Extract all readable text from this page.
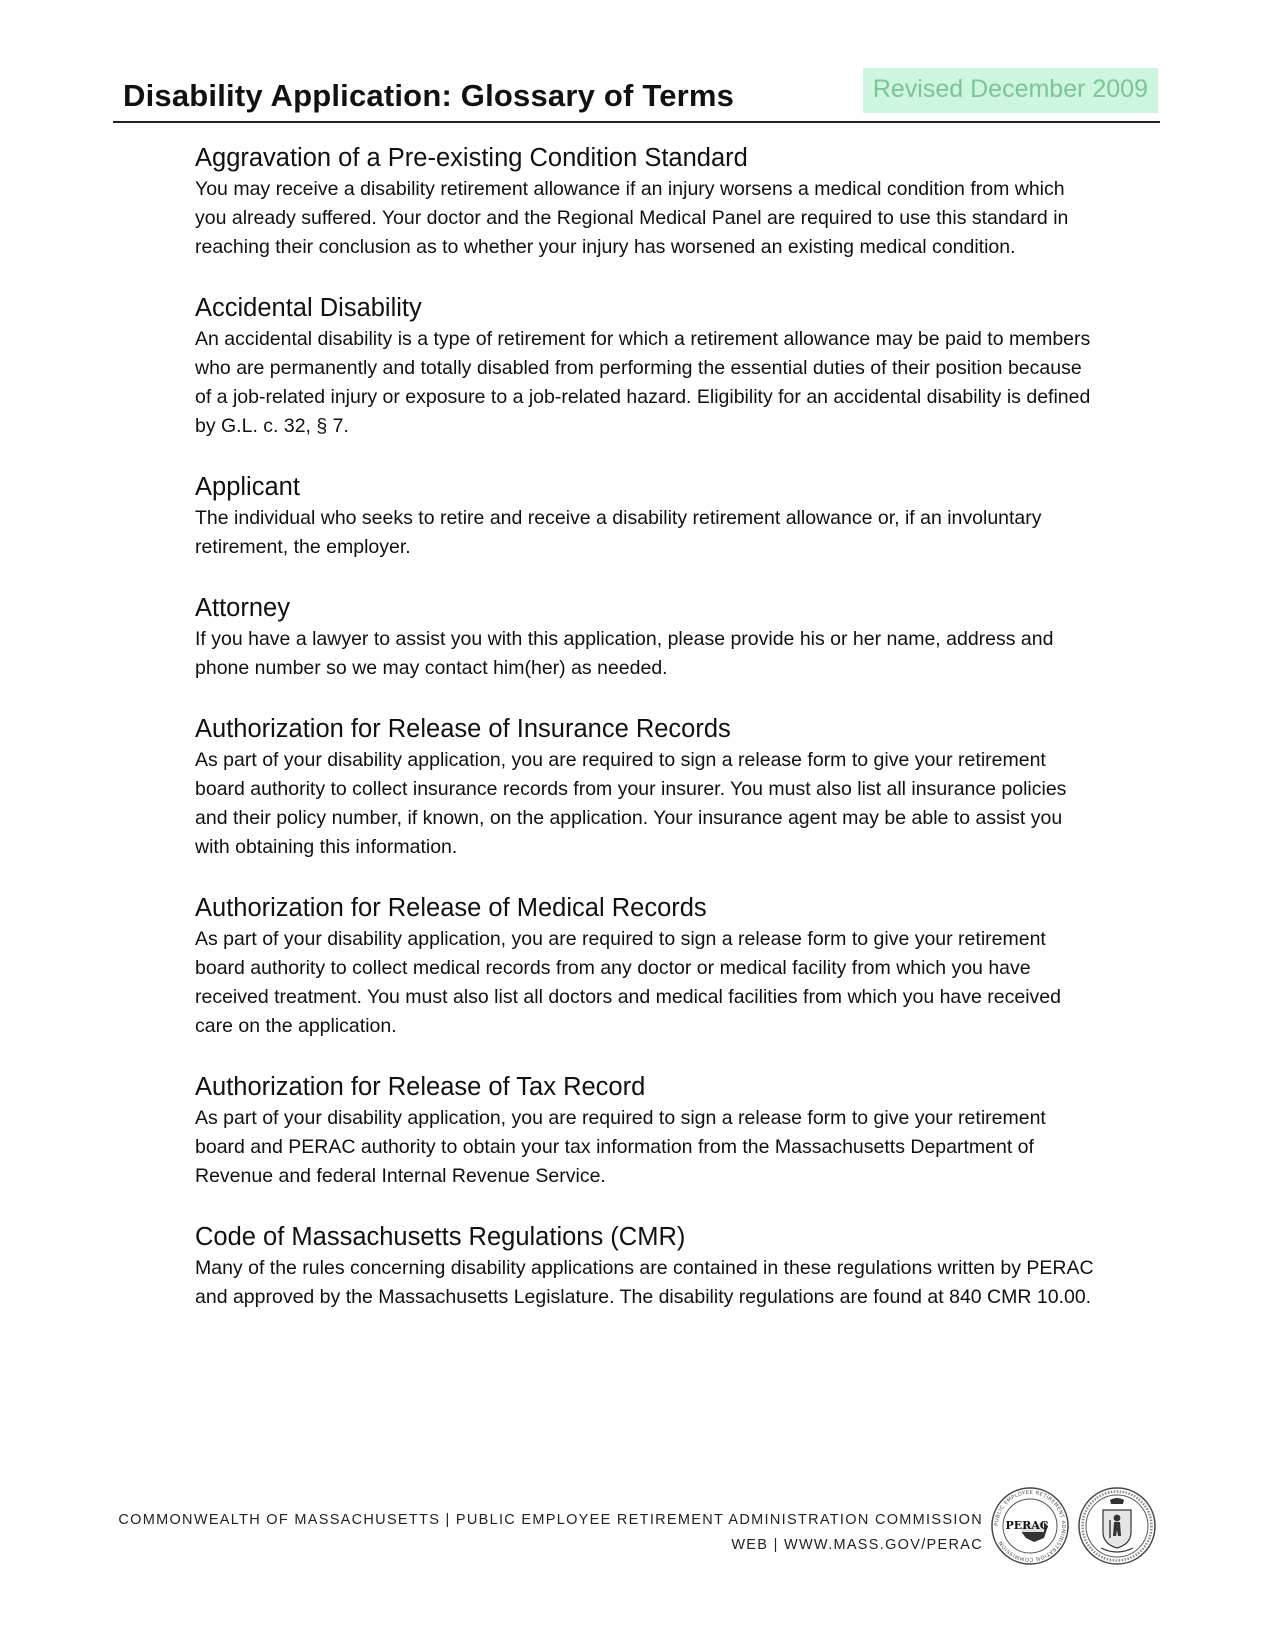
Disability Application: Glossary of Terms	Revised December 2009
Aggravation of a Pre-existing Condition Standard
You may receive a disability retirement allowance if an injury worsens a medical condition from which you already suffered. Your doctor and the Regional Medical Panel are required to use this standard in reaching their conclusion as to whether your injury has worsened an existing medical condition.
Accidental Disability
An accidental disability is a type of retirement for which a retirement allowance may be paid to members who are permanently and totally disabled from performing the essential duties of their position because of a job-related injury or exposure to a job-related hazard. Eligibility for an accidental disability is defined by G.L. c. 32, § 7.
Applicant
The individual who seeks to retire and receive a disability retirement allowance or, if an involuntary retirement, the employer.
Attorney
If you have a lawyer to assist you with this application, please provide his or her name, address and phone number so we may contact him(her) as needed.
Authorization for Release of Insurance Records
As part of your disability application, you are required to sign a release form to give your retirement board authority to collect insurance records from your insurer. You must also list all insurance policies and their policy number, if known, on the application. Your insurance agent may be able to assist you with obtaining this information.
Authorization for Release of Medical Records
As part of your disability application, you are required to sign a release form to give your retirement board authority to collect medical records from any doctor or medical facility from which you have received treatment. You must also list all doctors and medical facilities from which you have received care on the application.
Authorization for Release of Tax Record
As part of your disability application, you are required to sign a release form to give your retirement board and PERAC authority to obtain your tax information from the Massachusetts Department of Revenue and federal Internal Revenue Service.
Code of Massachusetts Regulations (CMR)
Many of the rules concerning disability applications are contained in these regulations written by PERAC and approved by the Massachusetts Legislature. The disability regulations are found at 840 CMR 10.00.
COMMONWEALTH OF MASSACHUSETTS | PUBLIC EMPLOYEE RETIREMENT ADMINISTRATION COMMISSION
WEB | WWW.MASS.GOV/PERAC
PUBLIC EMPLOYEE RETIREMENT ADMINISTRATION COMMISSION
PERAC
